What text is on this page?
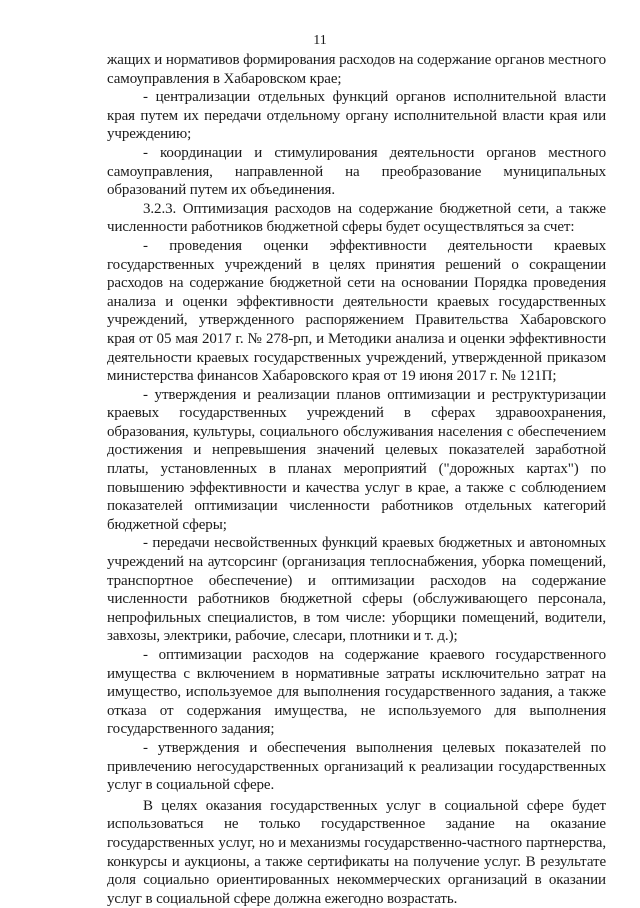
11

жащих и нормативов формирования расходов на содержание органов местного самоуправления в Хабаровском крае;

- централизации отдельных функций органов исполнительной власти края путем их передачи отдельному органу исполнительной власти края или учреждению;

- координации и стимулирования деятельности органов местного самоуправления, направленной на преобразование муниципальных образований путем их объединения.

3.2.3. Оптимизация расходов на содержание бюджетной сети, а также численности работников бюджетной сферы будет осуществляться за счет:

- проведения оценки эффективности деятельности краевых государственных учреждений в целях принятия решений о сокращении расходов на содержание бюджетной сети на основании Порядка проведения анализа и оценки эффективности деятельности краевых государственных учреждений, утвержденного распоряжением Правительства Хабаровского края от 05 мая 2017 г. № 278-рп, и Методики анализа и оценки эффективности деятельности краевых государственных учреждений, утвержденной приказом министерства финансов Хабаровского края от 19 июня 2017 г. № 121П;

- утверждения и реализации планов оптимизации и реструктуризации краевых государственных учреждений в сферах здравоохранения, образования, культуры, социального обслуживания населения с обеспечением достижения и непревышения значений целевых показателей заработной платы, установленных в планах мероприятий ("дорожных картах") по повышению эффективности и качества услуг в крае, а также с соблюдением показателей оптимизации численности работников отдельных категорий бюджетной сферы;

- передачи несвойственных функций краевых бюджетных и автономных учреждений на аутсорсинг (организация теплоснабжения, уборка помещений, транспортное обеспечение) и оптимизации расходов на содержание численности работников бюджетной сферы (обслуживающего персонала, непрофильных специалистов, в том числе: уборщики помещений, водители, завхозы, электрики, рабочие, слесари, плотники и т. д.);

- оптимизации расходов на содержание краевого государственного имущества с включением в нормативные затраты исключительно затрат на имущество, используемое для выполнения государственного задания, а также отказа от содержания имущества, не используемого для выполнения государственного задания;

- утверждения и обеспечения выполнения целевых показателей по привлечению негосударственных организаций к реализации государственных услуг в социальной сфере.

В целях оказания государственных услуг в социальной сфере будет использоваться не только государственное задание на оказание государственных услуг, но и механизмы государственно-частного партнерства, конкурсы и аукционы, а также сертификаты на получение услуг. В результате доля социально ориентированных некоммерческих организаций в оказании услуг в социальной сфере должна ежегодно возрастать.
